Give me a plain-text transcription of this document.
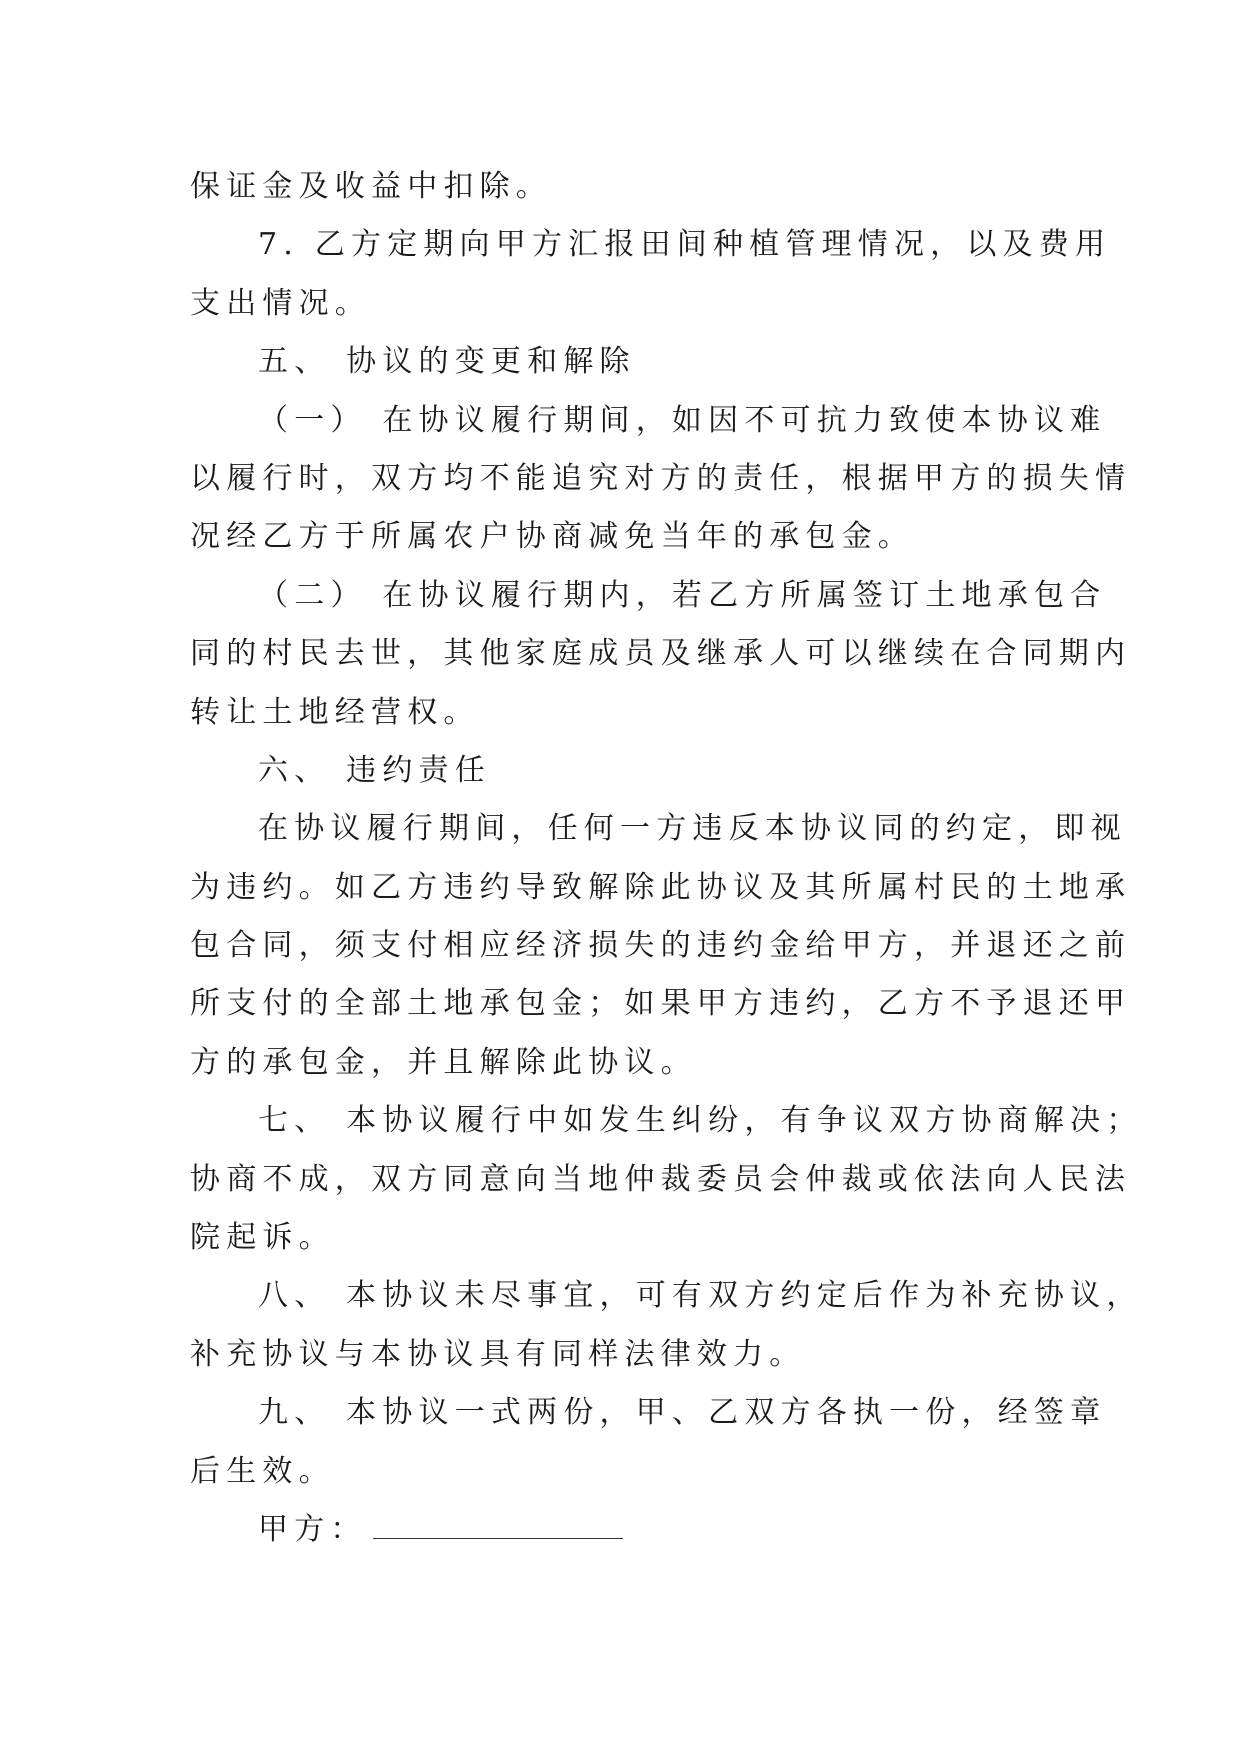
保证金及收益中扣除。
7. 乙方定期向甲方汇报田间种植管理情况，以及费用
支出情况。
五、 协议的变更和解除
（一） 在协议履行期间，如因不可抗力致使本协议难
以履行时，双方均不能追究对方的责任，根据甲方的损失情
况经乙方于所属农户协商减免当年的承包金。
（二） 在协议履行期内，若乙方所属签订土地承包合
同的村民去世，其他家庭成员及继承人可以继续在合同期内
转让土地经营权。
六、 违约责任
在协议履行期间，任何一方违反本协议同的约定，即视
为违约。如乙方违约导致解除此协议及其所属村民的土地承
包合同，须支付相应经济损失的违约金给甲方，并退还之前
所支付的全部土地承包金；如果甲方违约，乙方不予退还甲
方的承包金，并且解除此协议。
七、 本协议履行中如发生纠纷，有争议双方协商解决；
协商不成，双方同意向当地仲裁委员会仲裁或依法向人民法
院起诉。
八、 本协议未尽事宜，可有双方约定后作为补充协议，
补充协议与本协议具有同样法律效力。
九、 本协议一式两份，甲、乙双方各执一份，经签章
后生效。
甲方：
